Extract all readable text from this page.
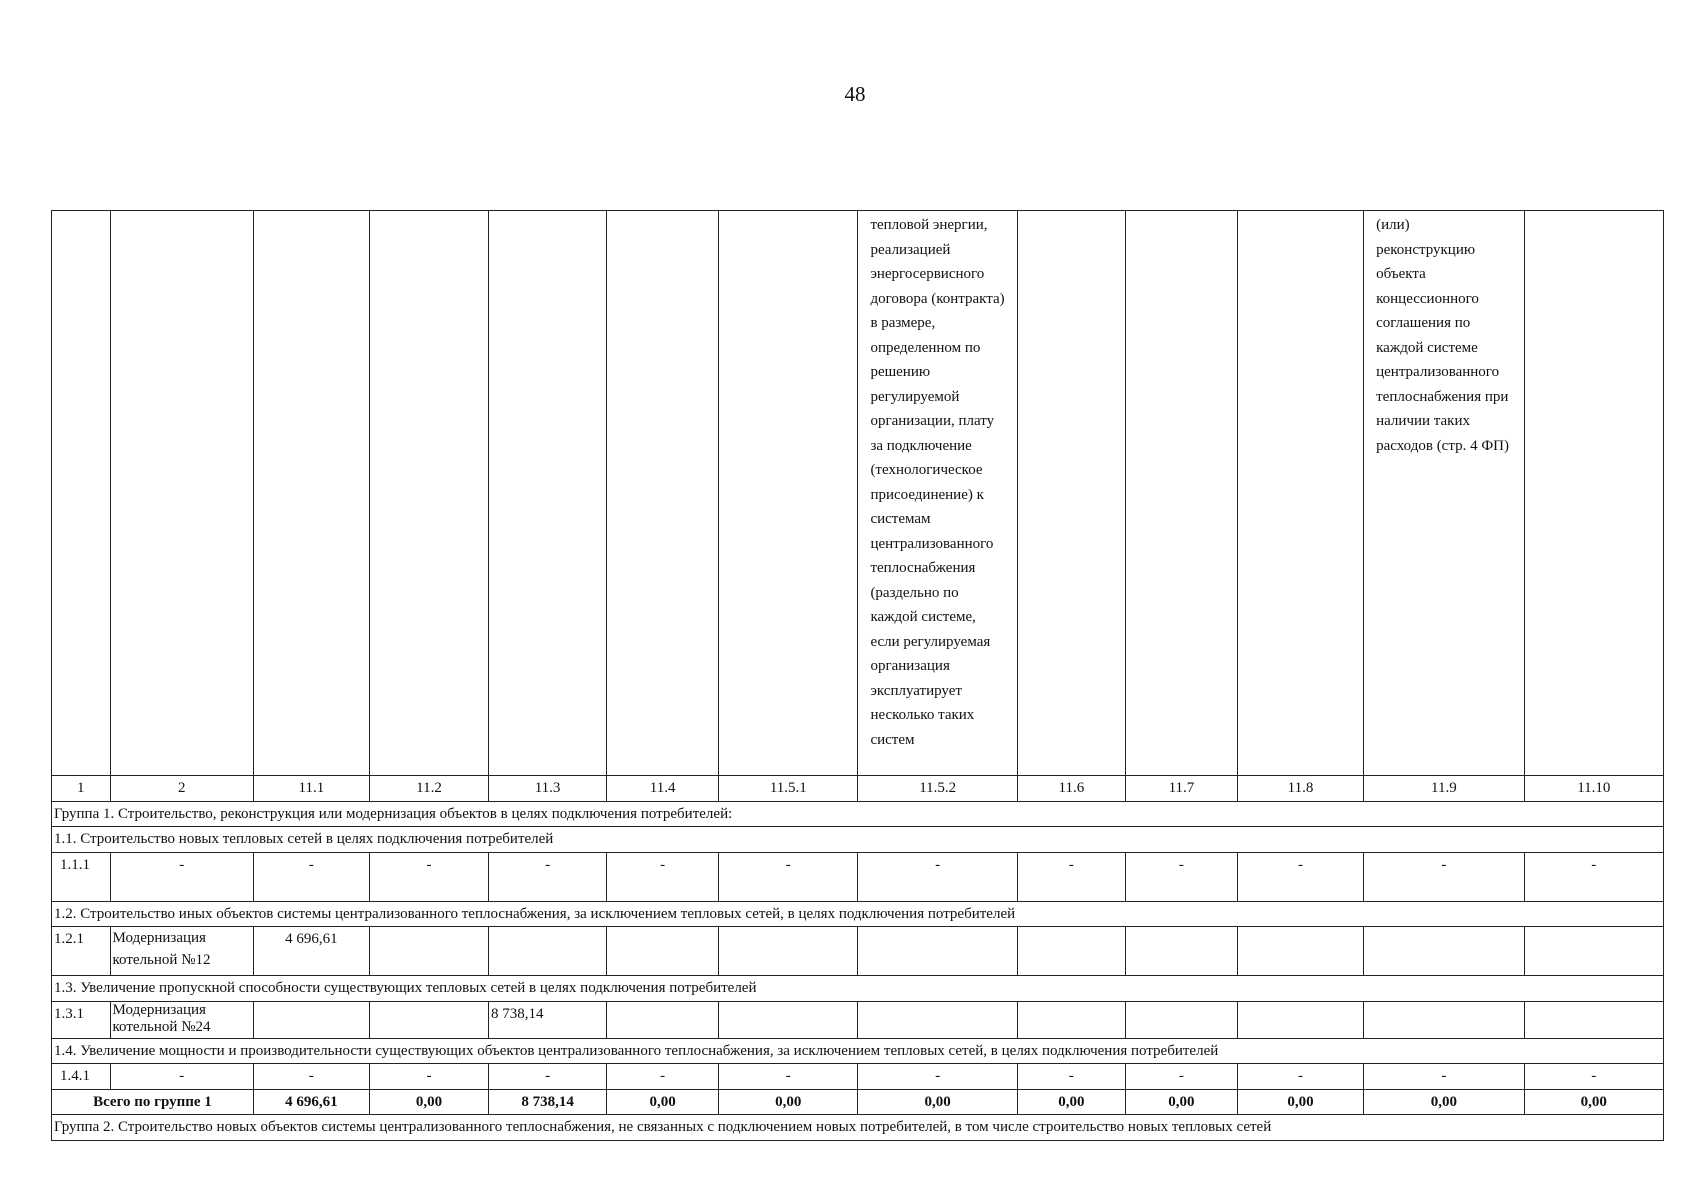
48
							тепловой энергии, реализацией энергосервисного договора (контракта) в размере, определенном по решению регулируемой организации, плату за подключение (технологическое присоединение) к системам централизованного теплоснабжения (раздельно по каждой системе, если регулируемая организация эксплуатирует несколько таких систем				(или) реконструкцию объекта концессионного соглашения по каждой системе централизованного теплоснабжения при наличии таких расходов (стр. 4 ФП)	
1	2	11.1	11.2	11.3	11.4	11.5.1	11.5.2	11.6	11.7	11.8	11.9	11.10
Группа 1. Строительство, реконструкция или модернизация объектов в целях подключения потребителей:												
1.1. Строительство новых тепловых сетей в целях подключения потребителей												
1.1.1	-	-	-	-	-	-	-	-	-	-	-	-
1.2. Строительство иных объектов системы централизованного теплоснабжения, за исключением тепловых сетей, в целях подключения потребителей												
1.2.1	Модернизация котельной №12	4 696,61										
1.3. Увеличение пропускной способности существующих тепловых сетей в целях подключения потребителей												
1.3.1	Модернизация котельной №24			8 738,14								
1.4. Увеличение мощности и производительности существующих объектов централизованного теплоснабжения, за исключением тепловых сетей, в целях подключения потребителей												
1.4.1	-	-	-	-	-	-	-	-	-	-	-	-
Всего по группе 1		4 696,61	0,00	8 738,14	0,00	0,00	0,00	0,00	0,00	0,00	0,00	0,00
Группа 2. Строительство новых объектов системы централизованного теплоснабжения, не связанных с подключением новых потребителей, в том числе строительство новых тепловых сетей												
